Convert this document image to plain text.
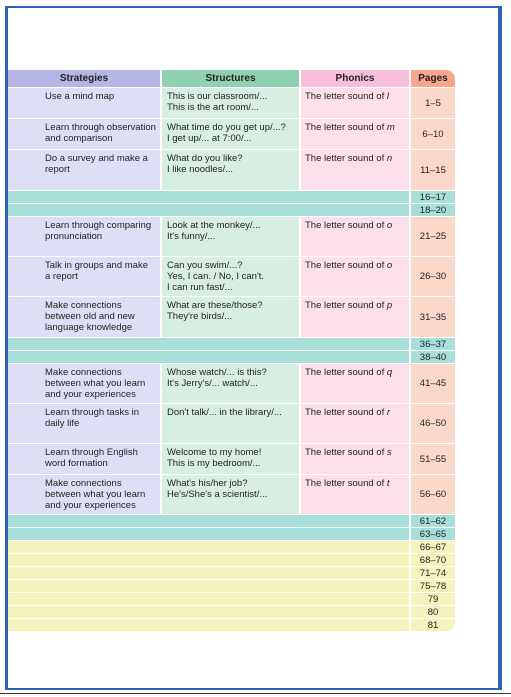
Strategies	Structures	Phonics	Pages
Use a mind map	This is our classroom/...
This is the art room/...	The letter sound of l	1–5
Learn through observation
and comparison	What time do you get up/...?
I get up/... at 7:00/...	The letter sound of m	6–10
Do a survey and make a
report	What do you like?
I like noodles/...	The letter sound of n	11–15
			16–17
			18–20
Learn through comparing
pronunciation	Look at the monkey/...
It's funny/...	The letter sound of o	21–25
Talk in groups and make
a report	Can you swim/...?
Yes, I can. / No, I can't.
I can run fast/...	The letter sound of o	26–30
Make connections
between old and new
language knowledge	What are these/those?
They're birds/...	The letter sound of p	31–35
			36–37
			38–40
Make connections
between what you learn
and your experiences	Whose watch/... is this?
It's Jerry's/... watch/...	The letter sound of q	41–45
Learn through tasks in
daily life	Don't talk/... in the library/...	The letter sound of r	46–50
Learn through English
word formation	Welcome to my home!
This is my bedroom/...	The letter sound of s	51–55
Make connections
between what you learn
and your experiences	What's his/her job?
He's/She's a scientist/...	The letter sound of t	56–60
			61–62
			63–65
			66–67
			68–70
			71–74
			75–78
			79
			80
			81
